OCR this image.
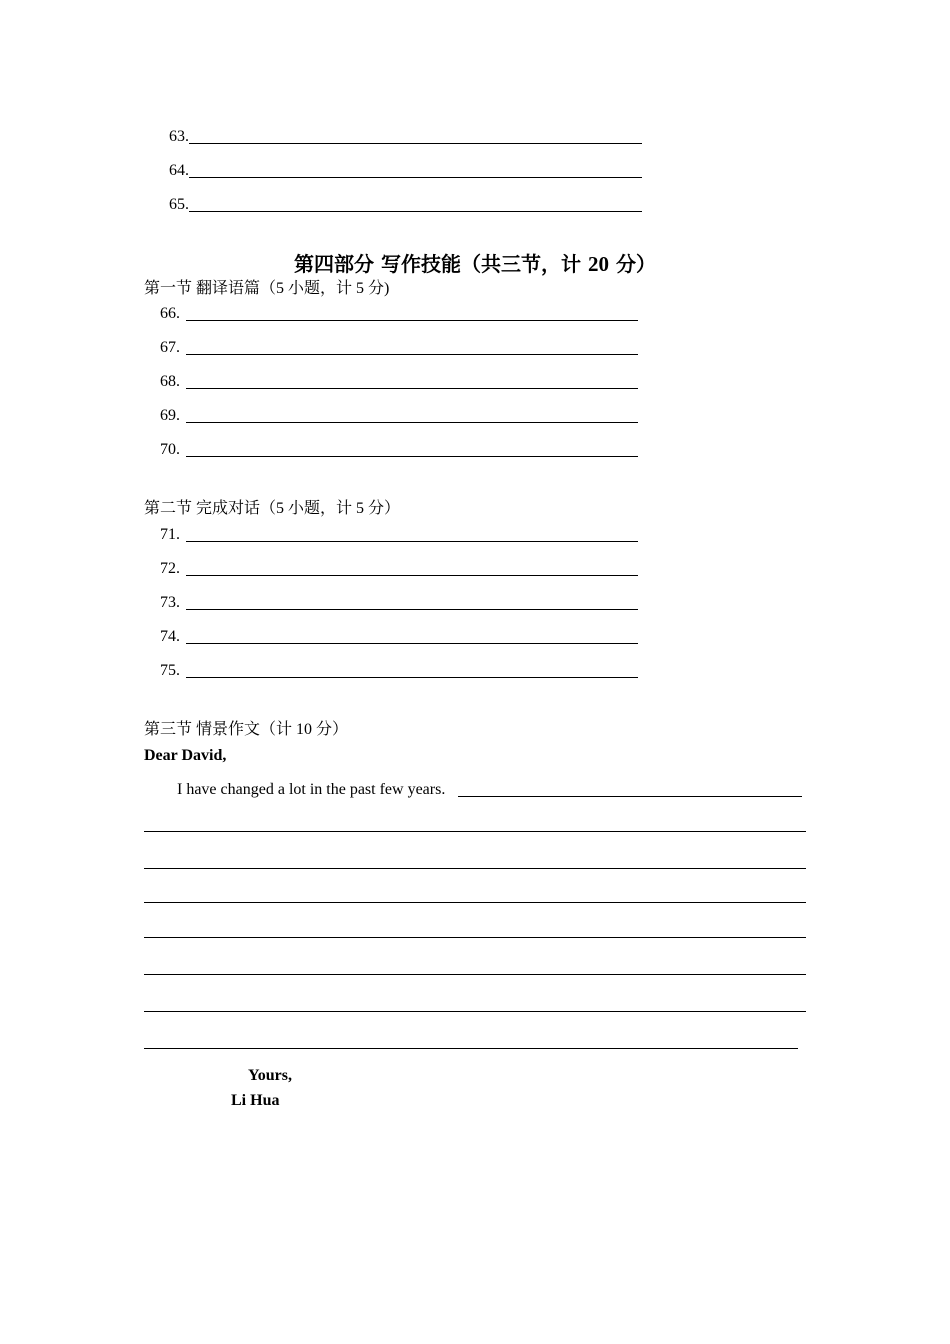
63.
64.
65.
第四部分 写作技能（共三节，计 20 分）
第一节 翻译语篇（5 小题，计 5 分)
66.
67.
68.
69.
70.
第二节 完成对话（5 小题，计 5 分）
71.
72.
73.
74.
75.
第三节 情景作文（计 10 分）
Dear David,
I have changed a lot in the past few years.
Yours,
Li Hua
